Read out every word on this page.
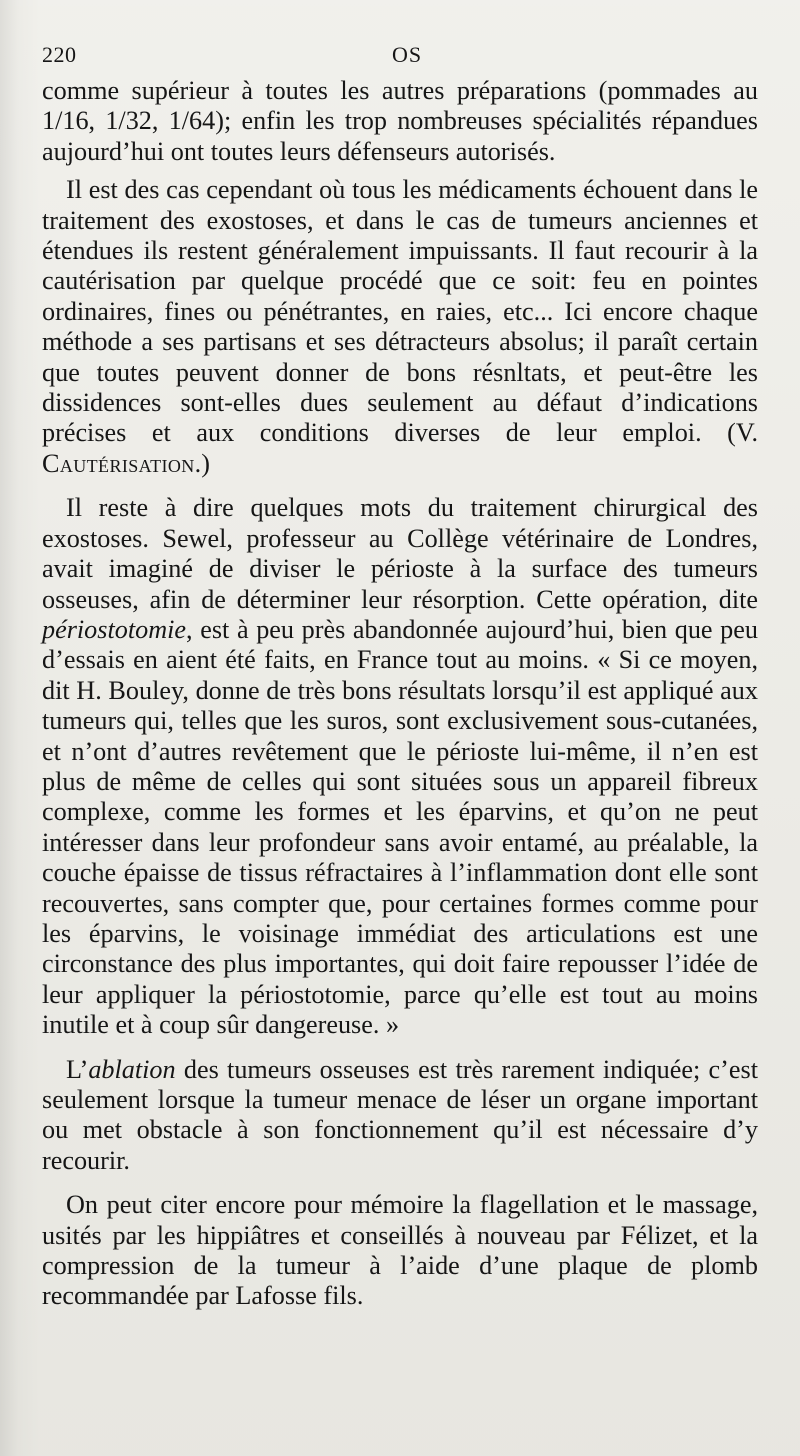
220	OS

comme supérieur à toutes les autres préparations (pommades au 1/16, 1/32, 1/64); enfin les trop nombreuses spécialités répandues aujourd’hui ont toutes leurs défenseurs autorisés.

Il est des cas cependant où tous les médicaments échouent dans le traitement des exostoses, et dans le cas de tumeurs anciennes et étendues ils restent généralement impuissants. Il faut recourir à la cautérisation par quelque procédé que ce soit: feu en pointes ordinaires, fines ou pénétrantes, en raies, etc... Ici encore chaque méthode a ses partisans et ses détracteurs absolus; il paraît certain que toutes peuvent donner de bons résnltats, et peut-être les dissidences sont-elles dues seulement au défaut d’indications précises et aux conditions diverses de leur emploi. (V. Cautérisation.)

Il reste à dire quelques mots du traitement chirurgical des exostoses. Sewel, professeur au Collège vétérinaire de Londres, avait imaginé de diviser le périoste à la surface des tumeurs osseuses, afin de déterminer leur résorption. Cette opération, dite périostotomie, est à peu près abandonnée aujourd’hui, bien que peu d’essais en aient été faits, en France tout au moins. « Si ce moyen, dit H. Bouley, donne de très bons résultats lorsqu’il est appliqué aux tumeurs qui, telles que les suros, sont exclusivement sous-cutanées, et n’ont d’autres revêtement que le périoste lui-même, il n’en est plus de même de celles qui sont situées sous un appareil fibreux complexe, comme les formes et les éparvins, et qu’on ne peut intéresser dans leur profondeur sans avoir entamé, au préalable, la couche épaisse de tissus réfractaires à l’inflammation dont elle sont recouvertes, sans compter que, pour certaines formes comme pour les éparvins, le voisinage immédiat des articulations est une circonstance des plus importantes, qui doit faire repousser l’idée de leur appliquer la périostotomie, parce qu’elle est tout au moins inutile et à coup sûr dangereuse. »

L’ablation des tumeurs osseuses est très rarement indiquée; c’est seulement lorsque la tumeur menace de léser un organe important ou met obstacle à son fonctionnement qu’il est nécessaire d’y recourir.

On peut citer encore pour mémoire la flagellation et le massage, usités par les hippiâtres et conseillés à nouveau par Félizet, et la compression de la tumeur à l’aide d’une plaque de plomb recommandée par Lafosse fils.
